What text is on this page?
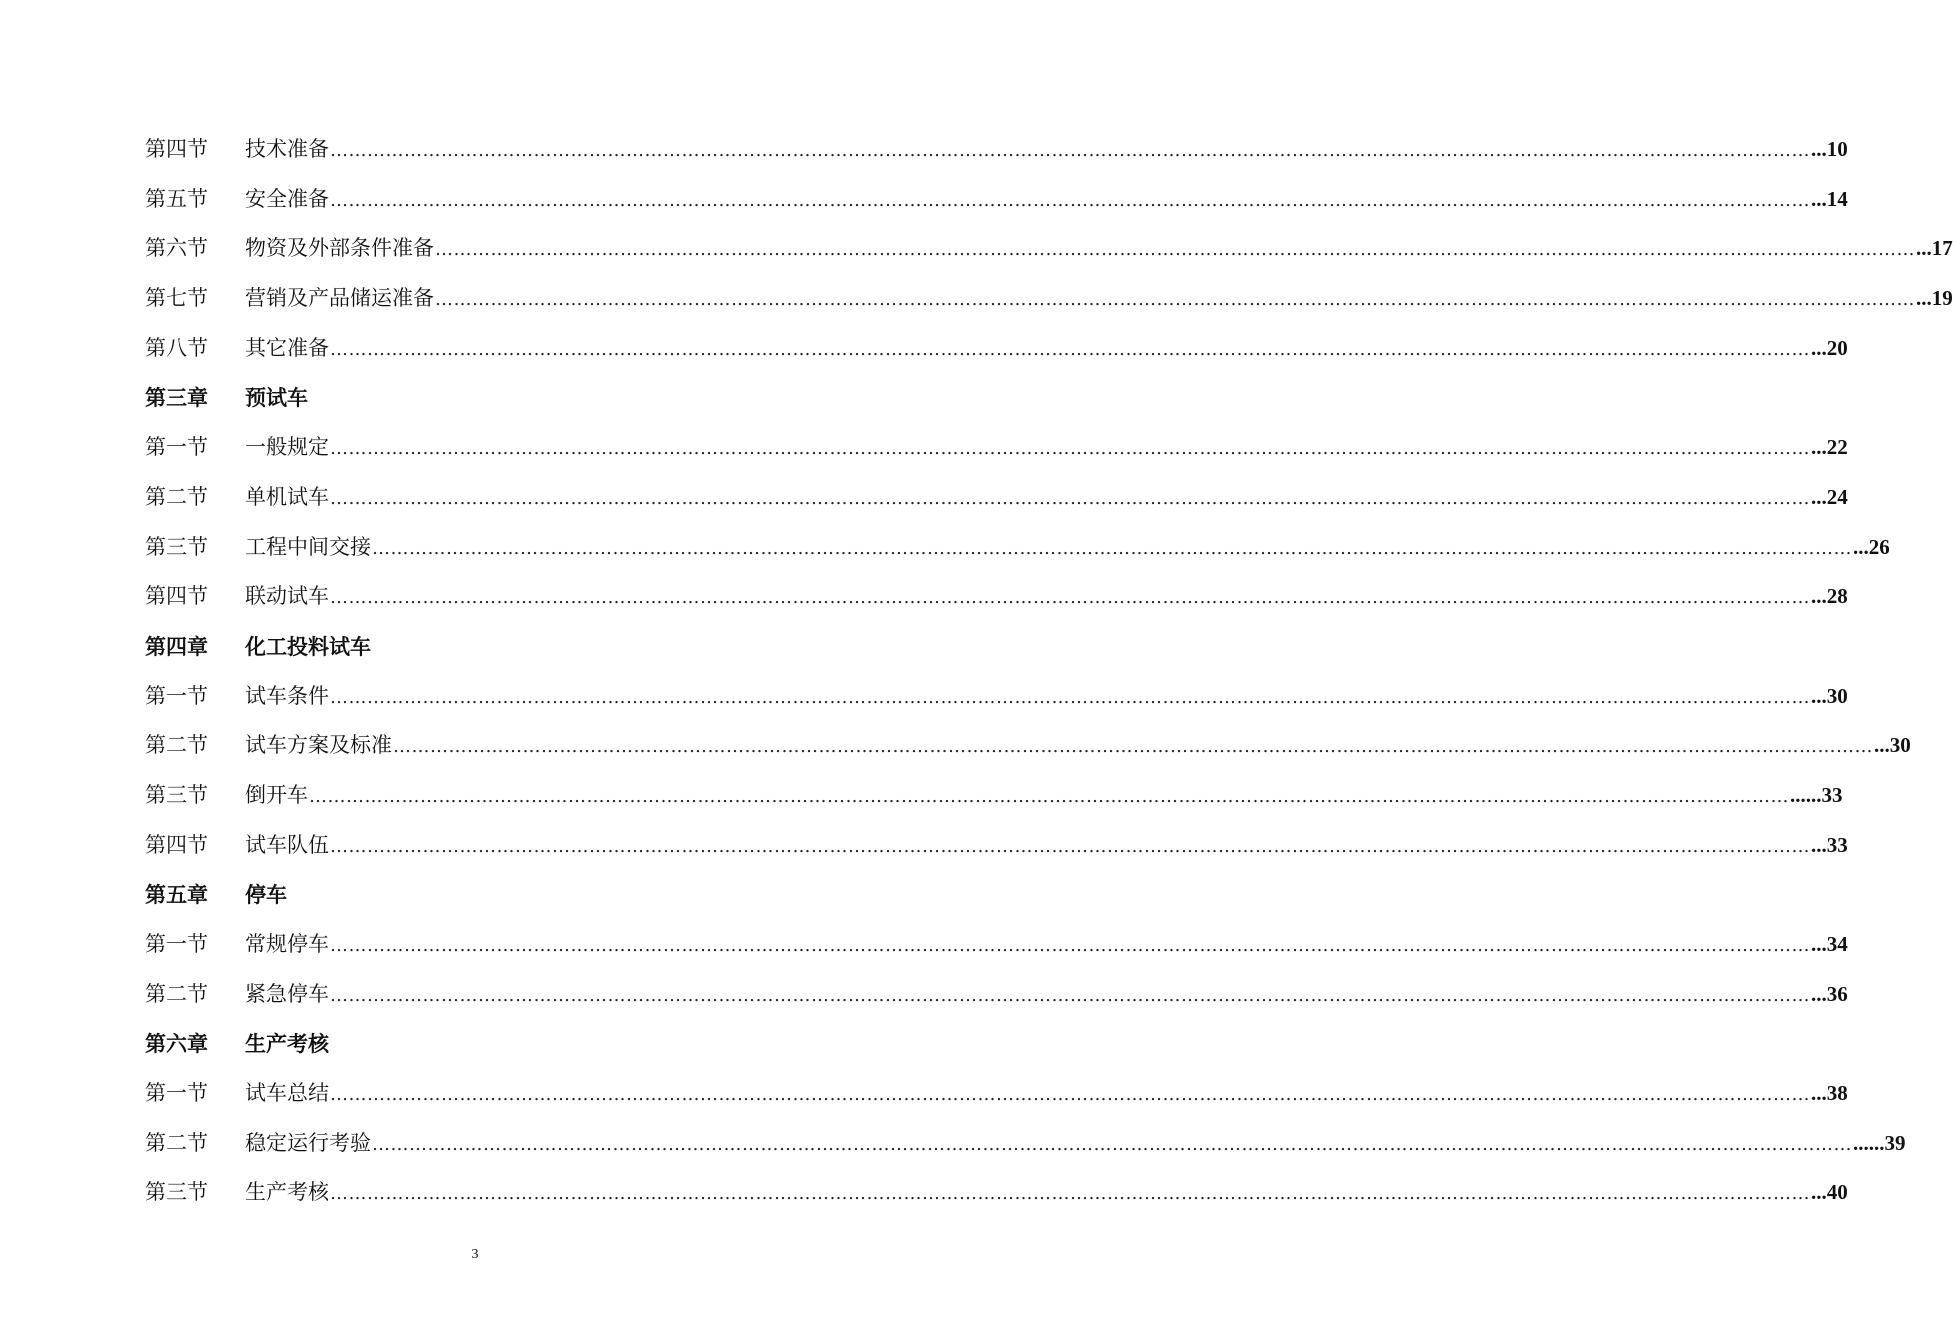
第四节	技术准备 …………………………………………………………………………………………………………………………………………………………………………………………………………………… ...10
第五节	安全准备 …………………………………………………………………………………………………………………………………………………………………………………………………………………… ...14
第六节	物资及外部条件准备 …………………………………………………………………………………………………………………………………………………………………………………………………………………… ...17
第七节	营销及产品储运准备 …………………………………………………………………………………………………………………………………………………………………………………………………………………… ...19
第八节	其它准备 …………………………………………………………………………………………………………………………………………………………………………………………………………………… ...20
第三章	预试车
第一节	一般规定 …………………………………………………………………………………………………………………………………………………………………………………………………………………… ...22
第二节	单机试车 …………………………………………………………………………………………………………………………………………………………………………………………………………………… ...24
第三节	工程中间交接 …………………………………………………………………………………………………………………………………………………………………………………………………………………… ...26
第四节	联动试车 …………………………………………………………………………………………………………………………………………………………………………………………………………………… ...28
第四章	化工投料试车
第一节	试车条件 …………………………………………………………………………………………………………………………………………………………………………………………………………………… ...30
第二节	试车方案及标准 …………………………………………………………………………………………………………………………………………………………………………………………………………………… ...30
第三节	倒开车 …………………………………………………………………………………………………………………………………………………………………………………………………………………… ......33
第四节	试车队伍 …………………………………………………………………………………………………………………………………………………………………………………………………………………… ...33
第五章	停车
第一节	常规停车 …………………………………………………………………………………………………………………………………………………………………………………………………………………… ...34
第二节	紧急停车 …………………………………………………………………………………………………………………………………………………………………………………………………………………… ...36
第六章	生产考核
第一节	试车总结 …………………………………………………………………………………………………………………………………………………………………………………………………………………… ...38
第二节	稳定运行考验 …………………………………………………………………………………………………………………………………………………………………………………………………………………… ......39
第三节	生产考核 …………………………………………………………………………………………………………………………………………………………………………………………………………………… ...40
3
